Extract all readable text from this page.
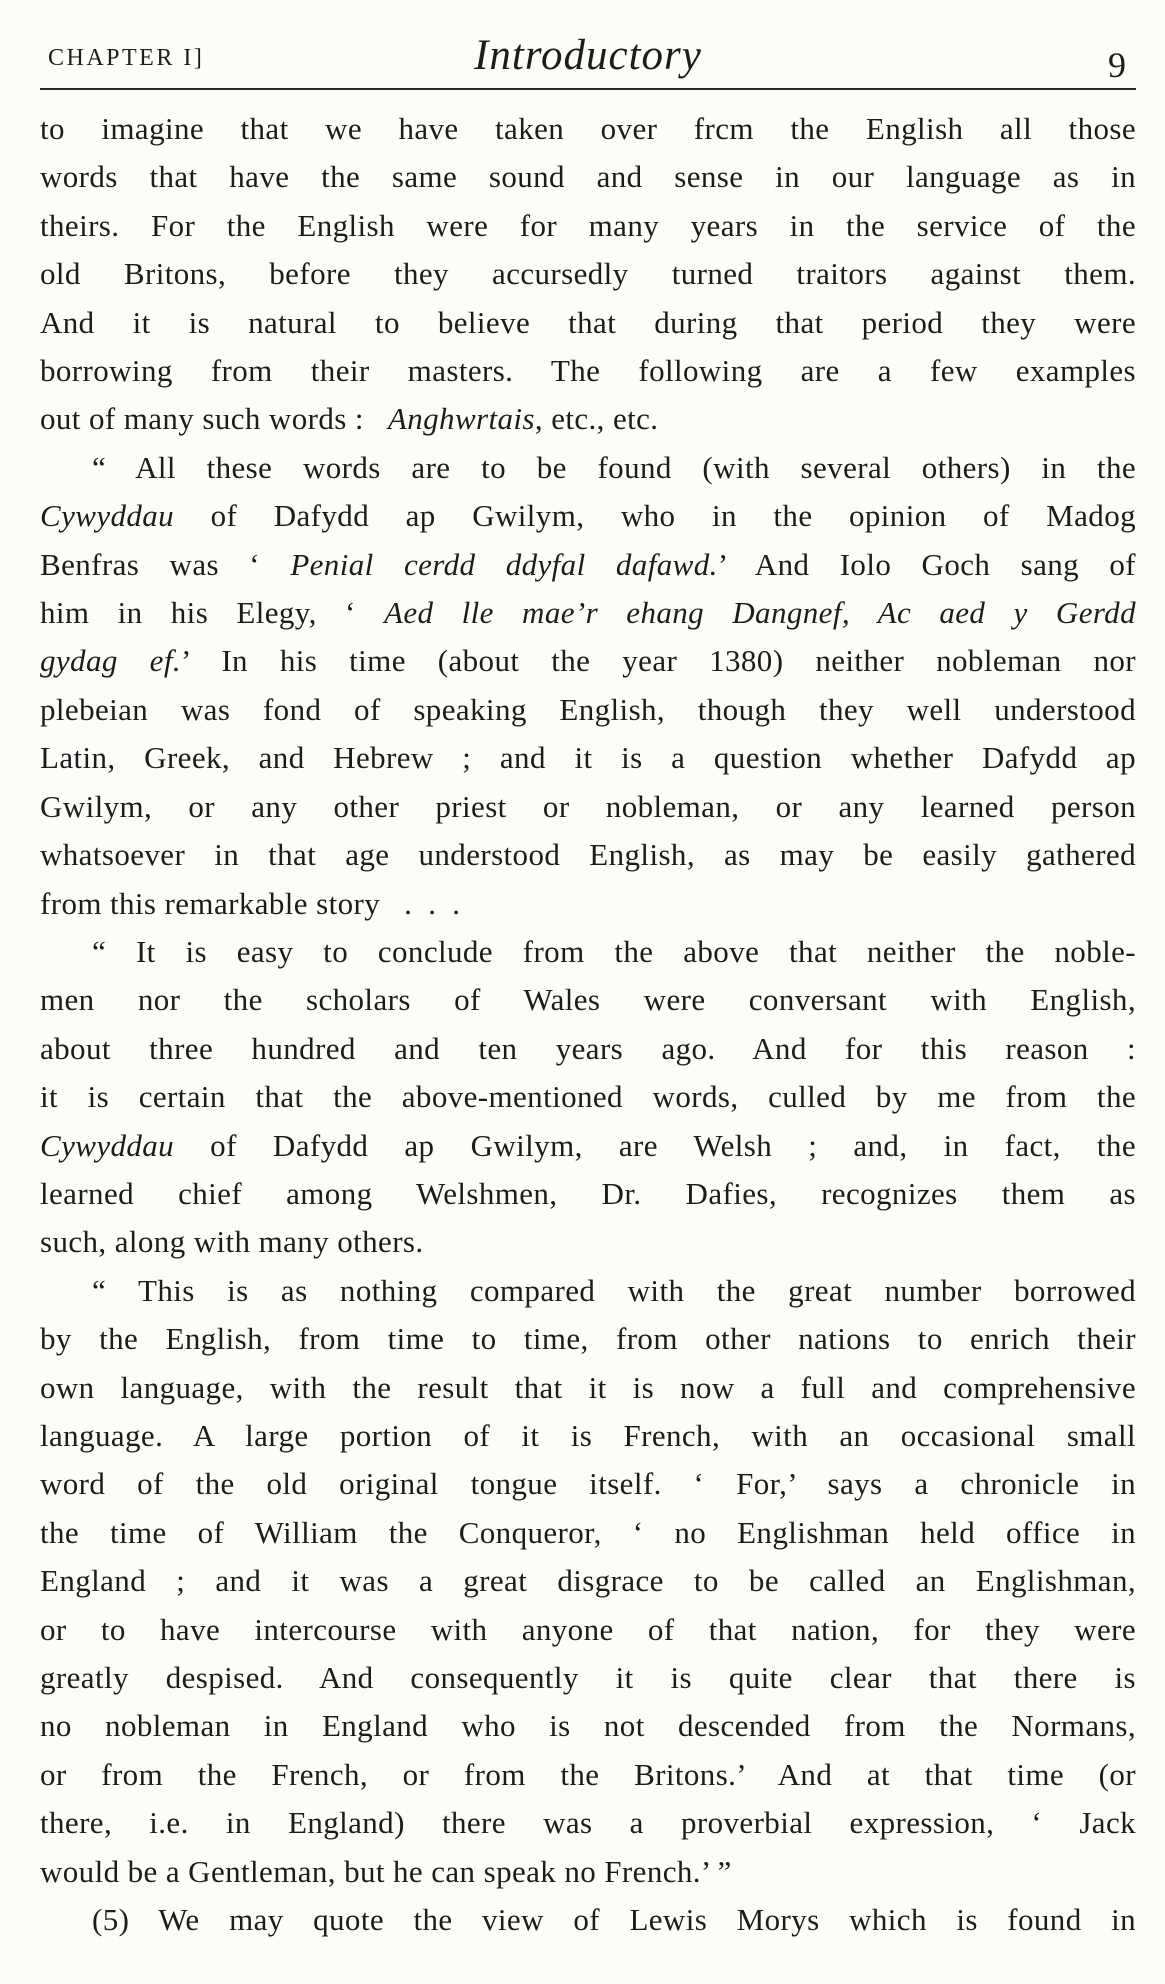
CHAPTER I]	Introductory	9
to imagine that we have taken over frcm the English all those
words that have the same sound and sense in our language as in
theirs. For the English were for many years in the service of the
old Britons, before they accursedly turned traitors against them.
And it is natural to believe that during that period they were
borrowing from their masters. The following are a few examples
out of many such words :  Anghwrtais, etc., etc.
“ All these words are to be found (with several others) in the
Cywyddau of Dafydd ap Gwilym, who in the opinion of Madog
Benfras was ‘ Penial cerdd ddyfal dafawd.’ And Iolo Goch sang of
him in his Elegy, ‘ Aed lle mae’r ehang Dangnef, Ac aed y Gerdd
gydag ef.’ In his time (about the year 1380) neither nobleman nor
plebeian was fond of speaking English, though they well understood
Latin, Greek, and Hebrew ; and it is a question whether Dafydd ap
Gwilym, or any other priest or nobleman, or any learned person
whatsoever in that age understood English, as may be easily gathered
from this remarkable story  . . .
“ It is easy to conclude from the above that neither the noble-
men nor the scholars of Wales were conversant with English,
about three hundred and ten years ago. And for this reason :
it is certain that the above-mentioned words, culled by me from the
Cywyddau of Dafydd ap Gwilym, are Welsh ; and, in fact, the
learned chief among Welshmen, Dr. Dafies, recognizes them as
such, along with many others.
“ This is as nothing compared with the great number borrowed
by the English, from time to time, from other nations to enrich their
own language, with the result that it is now a full and comprehensive
language. A large portion of it is French, with an occasional small
word of the old original tongue itself. ‘ For,’ says a chronicle in
the time of William the Conqueror, ‘ no Englishman held office in
England ; and it was a great disgrace to be called an Englishman,
or to have intercourse with anyone of that nation, for they were
greatly despised. And consequently it is quite clear that there is
no nobleman in England who is not descended from the Normans,
or from the French, or from the Britons.’ And at that time (or
there, i.e. in England) there was a proverbial expression, ‘ Jack
would be a Gentleman, but he can speak no French.’ ”
(5) We may quote the view of Lewis Morys which is found in
